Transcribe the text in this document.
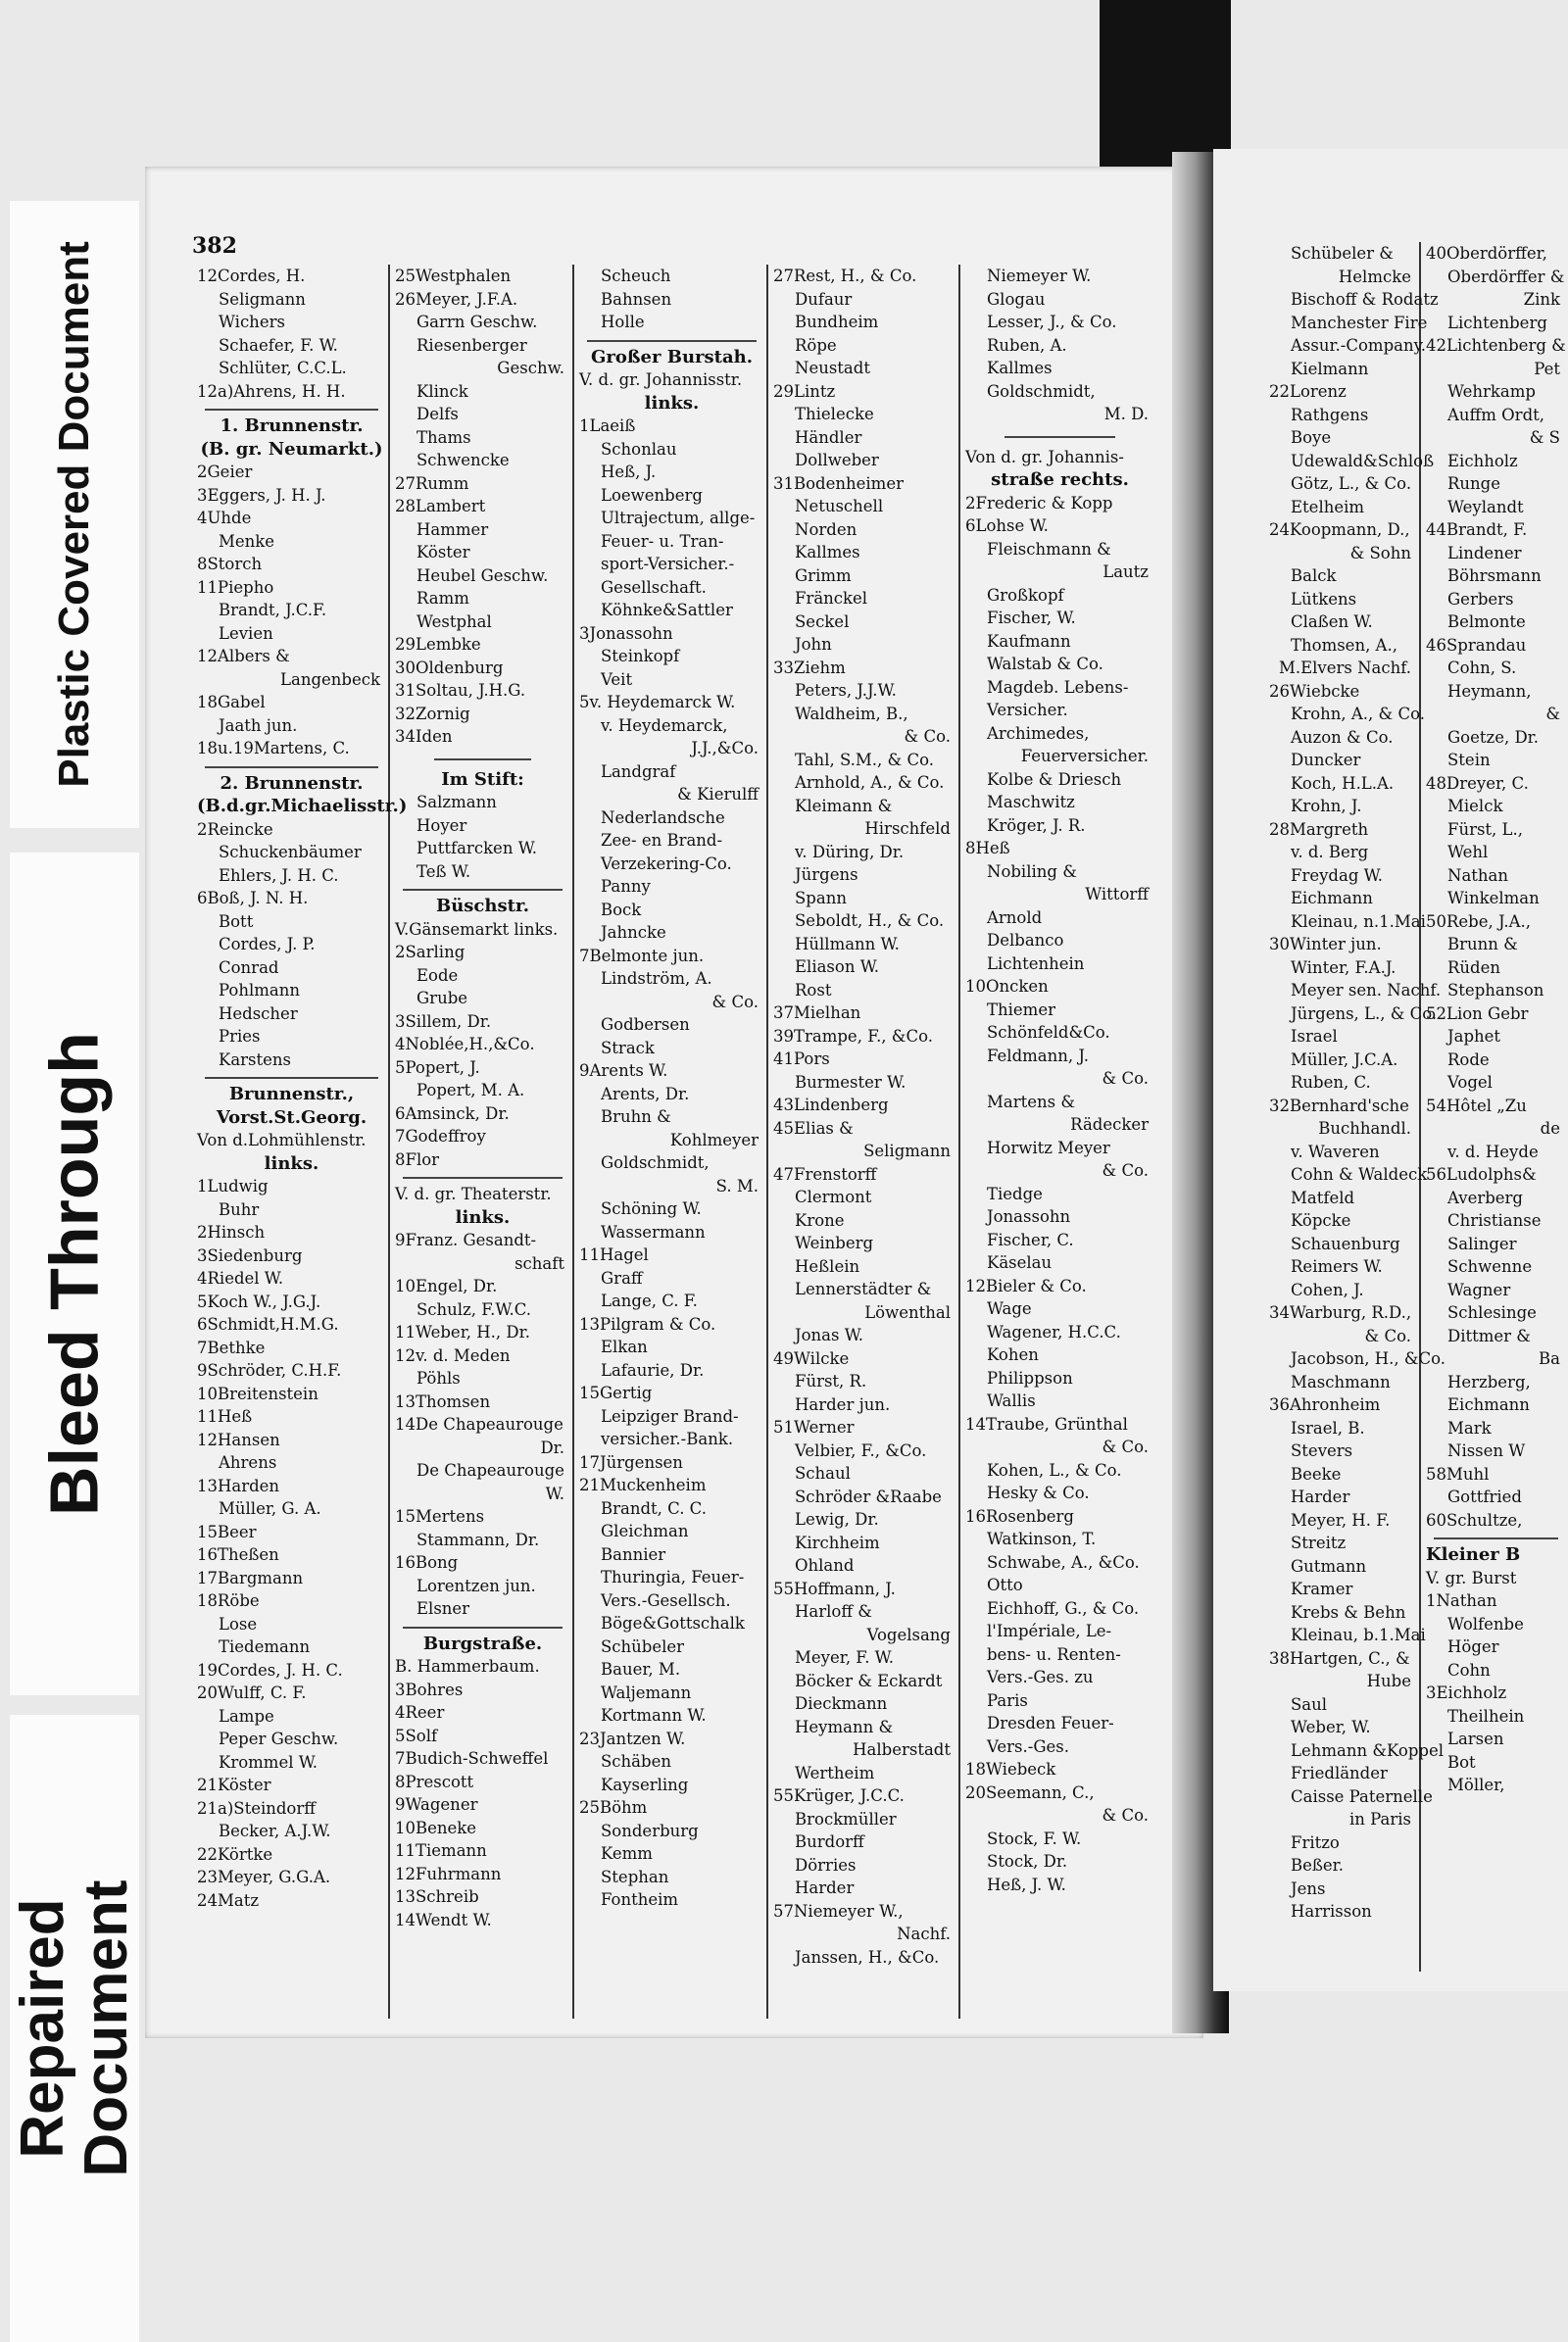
Plastic Covered Document
Bleed Through
Repaired
Document
382
12Cordes, H.
Seligmann
Wichers
Schaefer, F. W.
Schlüter, C.C.L.
12a)Ahrens, H. H.
1. Brunnenstr.
(B. gr. Neumarkt.)
2Geier
3Eggers, J. H. J.
4Uhde
Menke
8Storch
11Piepho
Brandt, J.C.F.
Levien
12Albers &
Langenbeck
18Gabel
Jaath jun.
18u.19Martens, C.
2. Brunnenstr.
(B.d.gr.Michaelisstr.)
2Reincke
Schuckenbäumer
Ehlers, J. H. C.
6Boß, J. N. H.
Bott
Cordes, J. P.
Conrad
Pohlmann
Hedscher
Pries
Karstens
Brunnenstr.,
Vorst.St.Georg.
Von d.Lohmühlenstr.
links.
1Ludwig
Buhr
2Hinsch
3Siedenburg
4Riedel W.
5Koch W., J.G.J.
6Schmidt,H.M.G.
7Bethke
9Schröder, C.H.F.
10Breitenstein
11Heß
12Hansen
Ahrens
13Harden
Müller, G. A.
15Beer
16Theßen
17Bargmann
18Röbe
Lose
Tiedemann
19Cordes, J. H. C.
20Wulff, C. F.
Lampe
Peper Geschw.
Krommel W.
21Köster
21a)Steindorff
Becker, A.J.W.
22Körtke
23Meyer, G.G.A.
24Matz
25Westphalen
26Meyer, J.F.A.
Garrn Geschw.
Riesenberger
Geschw.
Klinck
Delfs
Thams
Schwencke
27Rumm
28Lambert
Hammer
Köster
Heubel Geschw.
Ramm
Westphal
29Lembke
30Oldenburg
31Soltau, J.H.G.
32Zornig
34Iden
Im Stift:
Salzmann
Hoyer
Puttfarcken W.
Teß W.
Büschstr.
V.Gänsemarkt links.
2Sarling
Eode
Grube
3Sillem, Dr.
4Noblée,H.,&Co.
5Popert, J.
Popert, M. A.
6Amsinck, Dr.
7Godeffroy
8Flor
V. d. gr. Theaterstr.
links.
9Franz. Gesandt-
schaft
10Engel, Dr.
Schulz, F.W.C.
11Weber, H., Dr.
12v. d. Meden
Pöhls
13Thomsen
14De Chapeaurouge
Dr.
De Chapeaurouge
W.
15Mertens
Stammann, Dr.
16Bong
Lorentzen jun.
Elsner
Burgstraße.
B. Hammerbaum.
3Bohres
4Reer
5Solf
7Budich-Schweffel
8Prescott
9Wagener
10Beneke
11Tiemann
12Fuhrmann
13Schreib
14Wendt W.
Scheuch
Bahnsen
Holle
Großer Burstah.
V. d. gr. Johannisstr.
links.
1Laeiß
Schonlau
Heß, J.
Loewenberg
Ultrajectum, allge-
Feuer- u. Tran-
sport-Versicher.-
Gesellschaft.
Köhnke&Sattler
3Jonassohn
Steinkopf
Veit
5v. Heydemarck W.
v. Heydemarck,
J.J.,&Co.
Landgraf
& Kierulff
Nederlandsche
Zee- en Brand-
Verzekering-Co.
Panny
Bock
Jahncke
7Belmonte jun.
Lindström, A.
& Co.
Godbersen
Strack
9Arents W.
Arents, Dr.
Bruhn &
Kohlmeyer
Goldschmidt,
S. M.
Schöning W.
Wassermann
11Hagel
Graff
Lange, C. F.
13Pilgram & Co.
Elkan
Lafaurie, Dr.
15Gertig
Leipziger Brand-
versicher.-Bank.
17Jürgensen
21Muckenheim
Brandt, C. C.
Gleichman
Bannier
Thuringia, Feuer-
Vers.-Gesellsch.
Böge&Gottschalk
Schübeler
Bauer, M.
Waljemann
Kortmann W.
23Jantzen W.
Schäben
Kayserling
25Böhm
Sonderburg
Kemm
Stephan
Fontheim
27Rest, H., & Co.
Dufaur
Bundheim
Röpe
Neustadt
29Lintz
Thielecke
Händler
Dollweber
31Bodenheimer
Netuschell
Norden
Kallmes
Grimm
Fränckel
Seckel
John
33Ziehm
Peters, J.J.W.
Waldheim, B.,
& Co.
Tahl, S.M., & Co.
Arnhold, A., & Co.
Kleimann &
Hirschfeld
v. Düring, Dr.
Jürgens
Spann
Seboldt, H., & Co.
Hüllmann W.
Eliason W.
Rost
37Mielhan
39Trampe, F., &Co.
41Pors
Burmester W.
43Lindenberg
45Elias &
Seligmann
47Frenstorff
Clermont
Krone
Weinberg
Heßlein
Lennerstädter &
Löwenthal
Jonas W.
49Wilcke
Fürst, R.
Harder jun.
51Werner
Velbier, F., &Co.
Schaul
Schröder &Raabe
Lewig, Dr.
Kirchheim
Ohland
55Hoffmann, J.
Harloff &
Vogelsang
Meyer, F. W.
Böcker & Eckardt
Dieckmann
Heymann &
Halberstadt
Wertheim
55Krüger, J.C.C.
Brockmüller
Burdorff
Dörries
Harder
57Niemeyer W.,
Nachf.
Janssen, H., &Co.
Niemeyer W.
Glogau
Lesser, J., & Co.
Ruben, A.
Kallmes
Goldschmidt,
M. D.
Von d. gr. Johannis-
straße rechts.
2Frederic & Kopp
6Lohse W.
Fleischmann &
Lautz
Großkopf
Fischer, W.
Kaufmann
Walstab & Co.
Magdeb. Lebens-
Versicher.
Archimedes,
Feuerversicher.
Kolbe & Driesch
Maschwitz
Kröger, J. R.
8Heß
Nobiling &
Wittorff
Arnold
Delbanco
Lichtenhein
10Oncken
Thiemer
Schönfeld&Co.
Feldmann, J.
& Co.
Martens &
Rädecker
Horwitz Meyer
& Co.
Tiedge
Jonassohn
Fischer, C.
Käselau
12Bieler & Co.
Wage
Wagener, H.C.C.
Kohen
Philippson
Wallis
14Traube, Grünthal
& Co.
Kohen, L., & Co.
Hesky & Co.
16Rosenberg
Watkinson, T.
Schwabe, A., &Co.
Otto
Eichhoff, G., & Co.
l'Impériale, Le-
bens- u. Renten-
Vers.-Ges. zu
Paris
Dresden Feuer-
Vers.-Ges.
18Wiebeck
20Seemann, C.,
& Co.
Stock, F. W.
Stock, Dr.
Heß, J. W.
Schübeler &
Helmcke
Bischoff & Rodatz
Manchester Fire
Assur.-Company.
Kielmann
22Lorenz
Rathgens
Boye
Udewald&Schloß
Götz, L., & Co.
Etelheim
24Koopmann, D.,
& Sohn
Balck
Lütkens
Claßen W.
Thomsen, A.,
M.Elvers Nachf.
26Wiebcke
Krohn, A., & Co.
Auzon & Co.
Duncker
Koch, H.L.A.
Krohn, J.
28Margreth
v. d. Berg
Freydag W.
Eichmann
Kleinau, n.1.Mai
30Winter jun.
Winter, F.A.J.
Meyer sen. Nachf.
Jürgens, L., & Co.
Israel
Müller, J.C.A.
Ruben, C.
32Bernhard'sche
Buchhandl.
v. Waveren
Cohn & Waldeck
Matfeld
Köpcke
Schauenburg
Reimers W.
Cohen, J.
34Warburg, R.D.,
& Co.
Jacobson, H., &Co.
Maschmann
36Ahronheim
Israel, B.
Stevers
Beeke
Harder
Meyer, H. F.
Streitz
Gutmann
Kramer
Krebs & Behn
Kleinau, b.1.Mai
38Hartgen, C., &
Hube
Saul
Weber, W.
Lehmann &Koppel
Friedländer
Caisse Paternelle
in Paris
Fritzo
Beßer.
Jens
Harrisson
40Oberdörffer,
Oberdörffer &
Zink
Lichtenberg
42Lichtenberg &
Pet
Wehrkamp
Auffm Ordt,
& S
Eichholz
Runge
Weylandt
44Brandt, F.
Lindener
Böhrsmann
Gerbers
Belmonte
46Sprandau
Cohn, S.
Heymann,
&
Goetze, Dr.
Stein
48Dreyer, C.
Mielck
Fürst, L.,
Wehl
Nathan
Winkelman
50Rebe, J.A.,
Brunn &
Rüden
Stephanson
52Lion Gebr
Japhet
Rode
Vogel
54Hôtel „Zu
de
v. d. Heyde
56Ludolphs&
Averberg
Christianse
Salinger
Schwenne
Wagner
Schlesinge
Dittmer &
Ba
Herzberg,
Eichmann
Mark
Nissen W
58Muhl
Gottfried
60Schultze,
Kleiner B
V. gr. Burst
1Nathan
Wolfenbe
Höger
Cohn
3Eichholz
Theilhein
Larsen
Bot
Möller,
